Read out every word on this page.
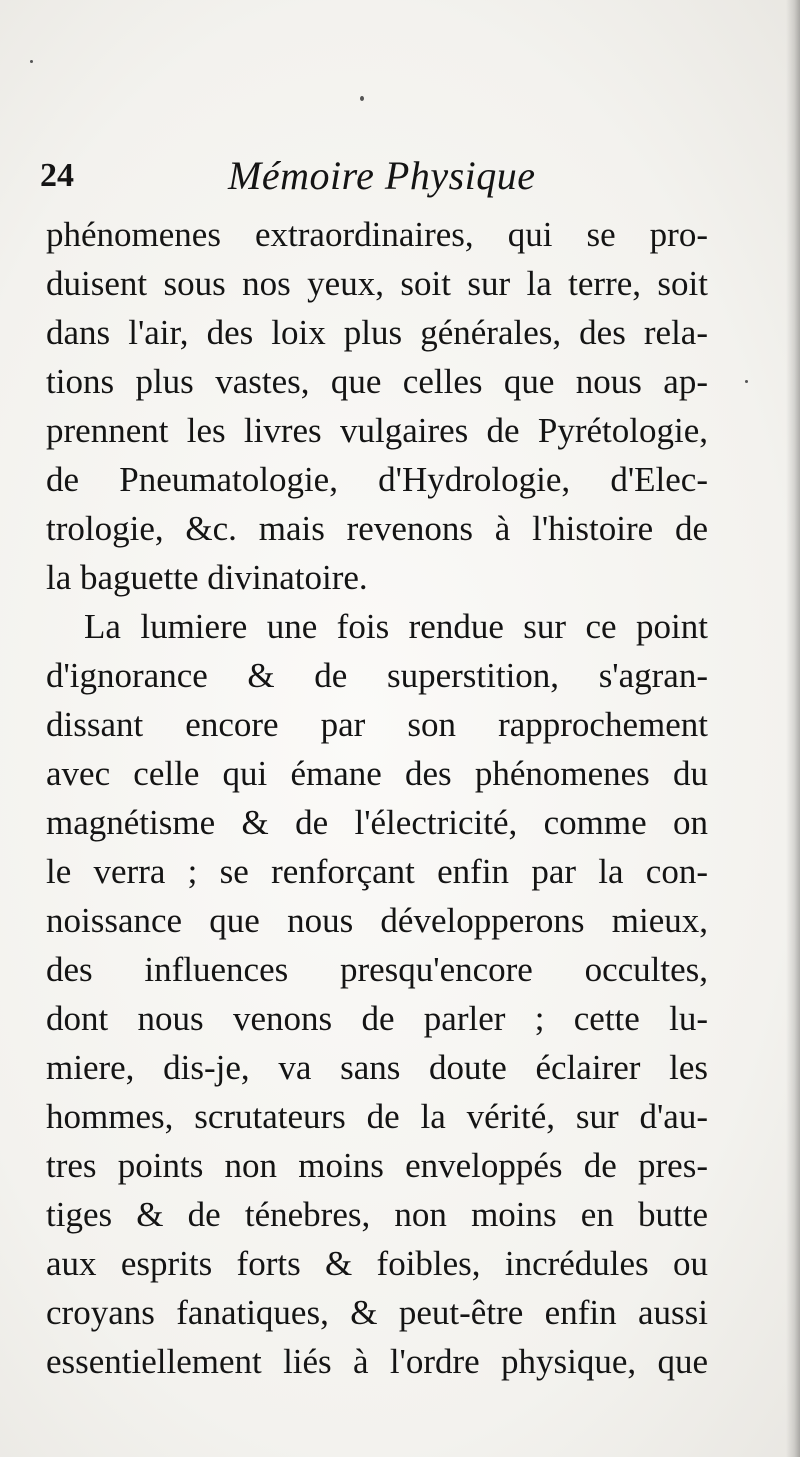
24	Mémoire Physique
phénomenes extraordinaires, qui se pro-
duisent sous nos yeux, soit sur la terre, soit
dans l'air, des loix plus générales, des rela-
tions plus vastes, que celles que nous ap-
prennent les livres vulgaires de Pyrétologie,
de Pneumatologie, d'Hydrologie, d'Elec-
trologie, &c. mais revenons à l'histoire de
la baguette divinatoire.
La lumiere une fois rendue sur ce point
d'ignorance & de superstition, s'agran-
dissant encore par son rapprochement
avec celle qui émane des phénomenes du
magnétisme & de l'électricité, comme on
le verra ; se renforçant enfin par la con-
noissance que nous développerons mieux,
des influences presqu'encore occultes,
dont nous venons de parler ; cette lu-
miere, dis-je, va sans doute éclairer les
hommes, scrutateurs de la vérité, sur d'au-
tres points non moins enveloppés de pres-
tiges & de ténebres, non moins en butte
aux esprits forts & foibles, incrédules ou
croyans fanatiques, & peut-être enfin aussi
essentiellement liés à l'ordre physique, que
